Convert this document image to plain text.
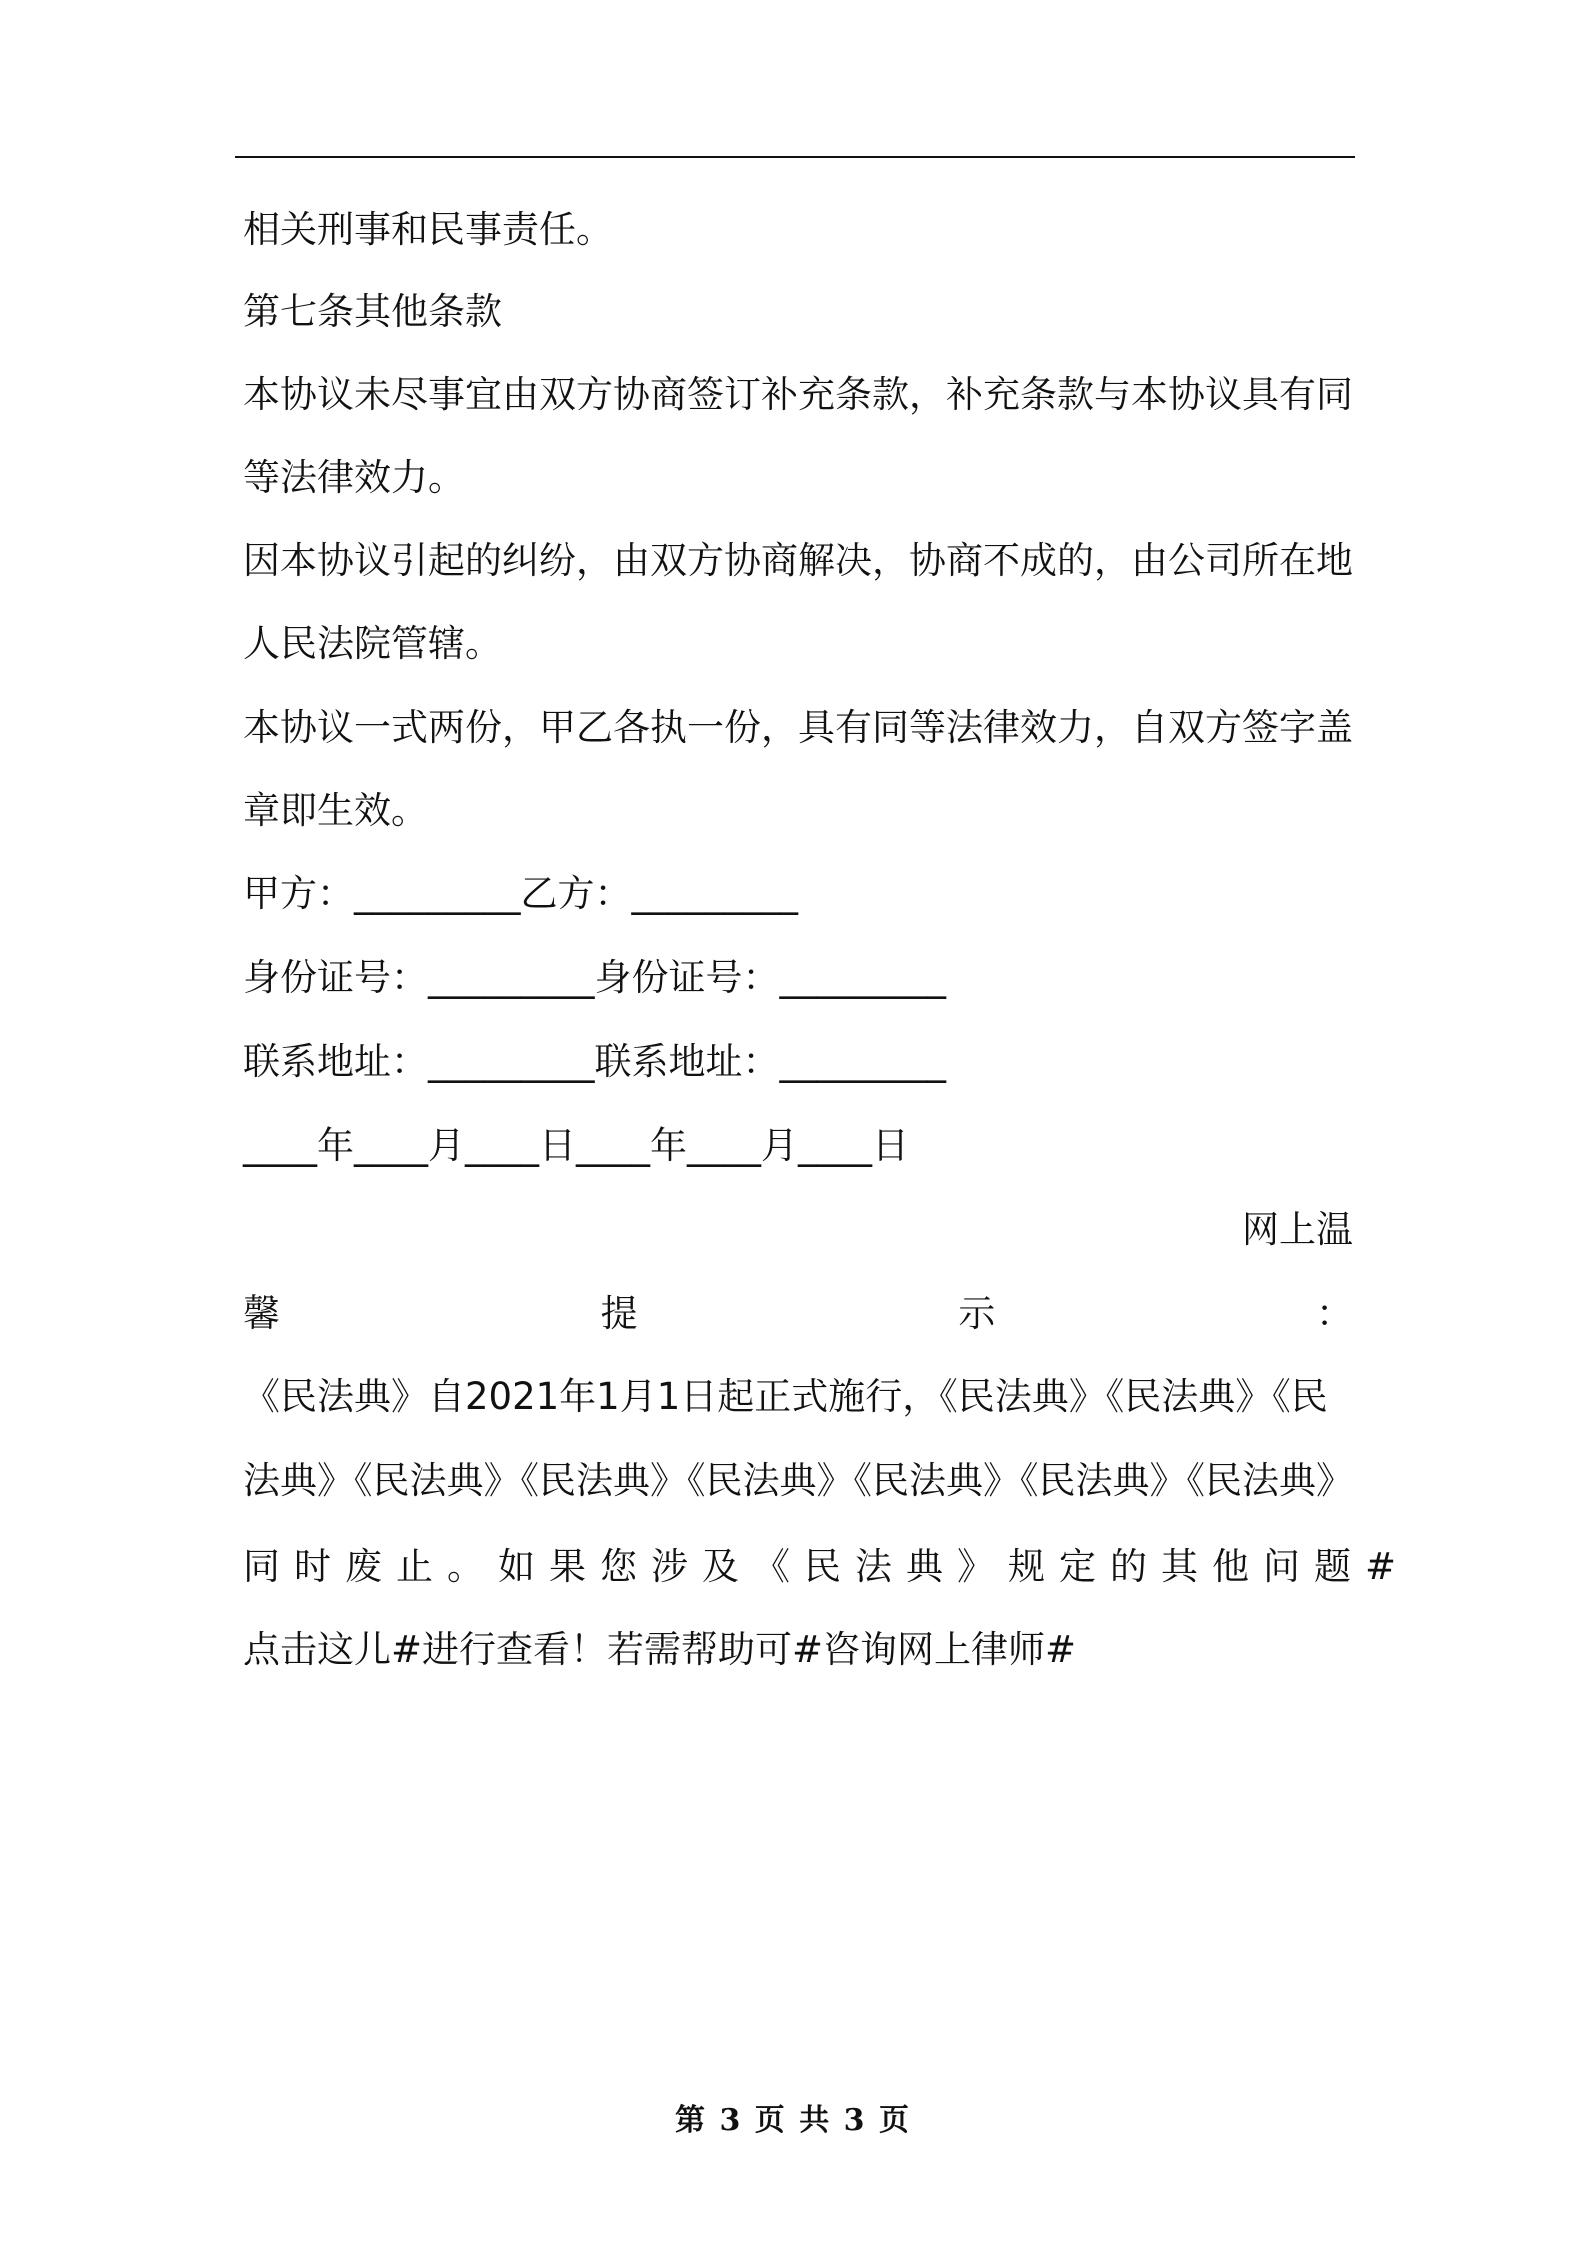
相关刑事和民事责任。
第七条其他条款
本协议未尽事宜由双方协商签订补充条款，补充条款与本协议具有同
等法律效力。
因本协议引起的纠纷，由双方协商解决，协商不成的，由公司所在地
人民法院管辖。
本协议一式两份，甲乙各执一份，具有同等法律效力，自双方签字盖
章即生效。
甲方：_________乙方：_________
身份证号：_________身份证号：_________
联系地址：_________联系地址：_________
____年____月____日____年____月____日
网上温
馨	提	示	：
《民法典》自2021年1月1日起正式施行，《民法典》《民法典》《民
法典》《民法典》《民法典》《民法典》《民法典》《民法典》《民法典》
同时废止。如果您涉及《民法典》规定的其他问题#
点击这儿#进行查看！若需帮助可#咨询网上律师#
第 3 页 共 3 页
